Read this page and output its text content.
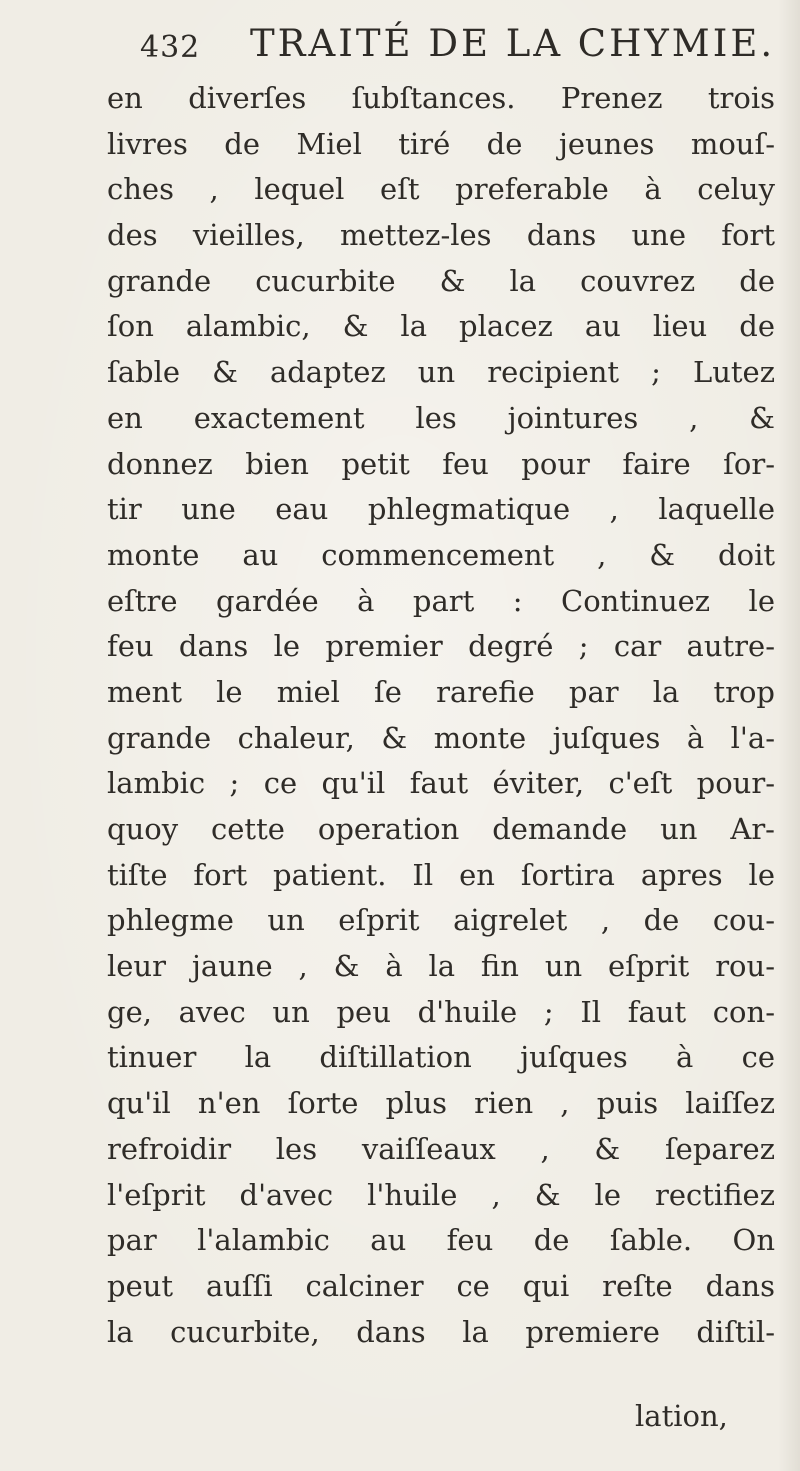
432 TRAITÉ DE LA CHYMIE.
en diverſes ſubſtances. Prenez trois
livres de Miel tiré de jeunes mouſ-
ches , lequel eſt preferable à celuy
des vieilles, mettez-les dans une fort
grande cucurbite & la couvrez de
ſon alambic, & la placez au lieu de
ſable & adaptez un recipient ; Lutez
en exactement les jointures , &
donnez bien petit feu pour faire ſor-
tir une eau phlegmatique , laquelle
monte au commencement , & doit
eſtre gardée à part : Continuez le
feu dans le premier degré ; car autre-
ment le miel ſe rarefie par la trop
grande chaleur, & monte juſques à l'a-
lambic ; ce qu'il faut éviter, c'eſt pour-
quoy cette operation demande un Ar-
tiſte fort patient. Il en ſortira apres le
phlegme un eſprit aigrelet , de cou-
leur jaune , & à la fin un eſprit rou-
ge, avec un peu d'huile ; Il faut con-
tinuer la diſtillation juſques à ce
qu'il n'en ſorte plus rien , puis laiſſez
refroidir les vaiſſeaux , & ſeparez
l'eſprit d'avec l'huile , & le rectifiez
par l'alambic au feu de ſable. On
peut auſſi calciner ce qui reſte dans
la cucurbite, dans la premiere diſtil-
lation,
